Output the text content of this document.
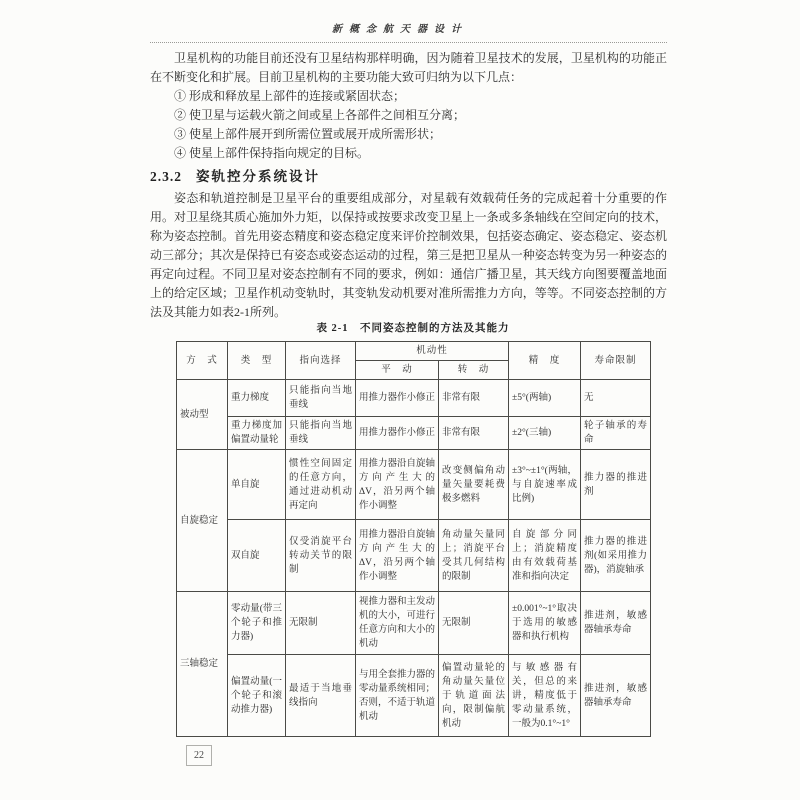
新概念航天器设计

卫星机构的功能目前还没有卫星结构那样明确，因为随着卫星技术的发展，卫星机构的功能正在不断变化和扩展。目前卫星机构的主要功能大致可归纳为以下几点：

① 形成和释放星上部件的连接或紧固状态；
② 使卫星与运载火箭之间或星上各部件之间相互分离；
③ 使星上部件展开到所需位置或展开成所需形状；
④ 使星上部件保持指向规定的目标。
2.3.2 姿轨控分系统设计

姿态和轨道控制是卫星平台的重要组成部分，对星载有效载荷任务的完成起着十分重要的作用。对卫星绕其质心施加外力矩，以保持或按要求改变卫星上一条或多条轴线在空间定向的技术，称为姿态控制。首先用姿态精度和姿态稳定度来评价控制效果，包括姿态确定、姿态稳定、姿态机动三部分；其次是保持已有姿态或姿态运动的过程，第三是把卫星从一种姿态转变为另一种姿态的再定向过程。不同卫星对姿态控制有不同的要求，例如：通信广播卫星，其天线方向图要覆盖地面上的给定区域；卫星作机动变轨时，其变轨发动机要对准所需推力方向，等等。不同姿态控制的方法及其能力如表2-1所列。

表 2-1　不同姿态控制的方法及其能力
方　式	类　型	指向选择	机动性		精　度	寿命限制
			平　动	转　动		
被动型	重力梯度	只能指向当地垂线	用推力器作小修正	非常有限	±5°(两轴)	无
	重力梯度加偏置动量轮	只能指向当地垂线	用推力器作小修正	非常有限	±2°(三轴)	轮子轴承的寿命
自旋稳定	单自旋	惯性空间固定的任意方向，通过进动机动再定向	用推力器沿自旋轴方向产生大的ΔV，沿另两个轴作小调整	改变侧偏角动量矢量要耗费极多燃料	±3°~±1°(两轴，与自旋速率成比例)	推力器的推进剂
	双自旋	仅受消旋平台转动关节的限制	用推力器沿自旋轴方向产生大的ΔV，沿另两个轴作小调整	角动量矢量同上；消旋平台受其几何结构的限制	自旋部分同上；消旋精度由有效载荷基准和指向决定	推力器的推进剂(如采用推力器)，消旋轴承
三轴稳定	零动量(带三个轮子和推力器)	无限制	视推力器和主发动机的大小，可进行任意方向和大小的机动	无限制	±0.001°~1°取决于选用的敏感器和执行机构	推进剂，敏感器轴承寿命
	偏置动量(一个轮子和滚动推力器)	最适于当地垂线指向	与用全套推力器的零动量系统相同；否则，不适于轨道机动	偏置动量轮的角动量矢量位于轨道面法向，限制偏航机动	与敏感器有关，但总的来讲，精度低于零动量系统，一般为0.1°~1°	推进剂，敏感器轴承寿命
22
